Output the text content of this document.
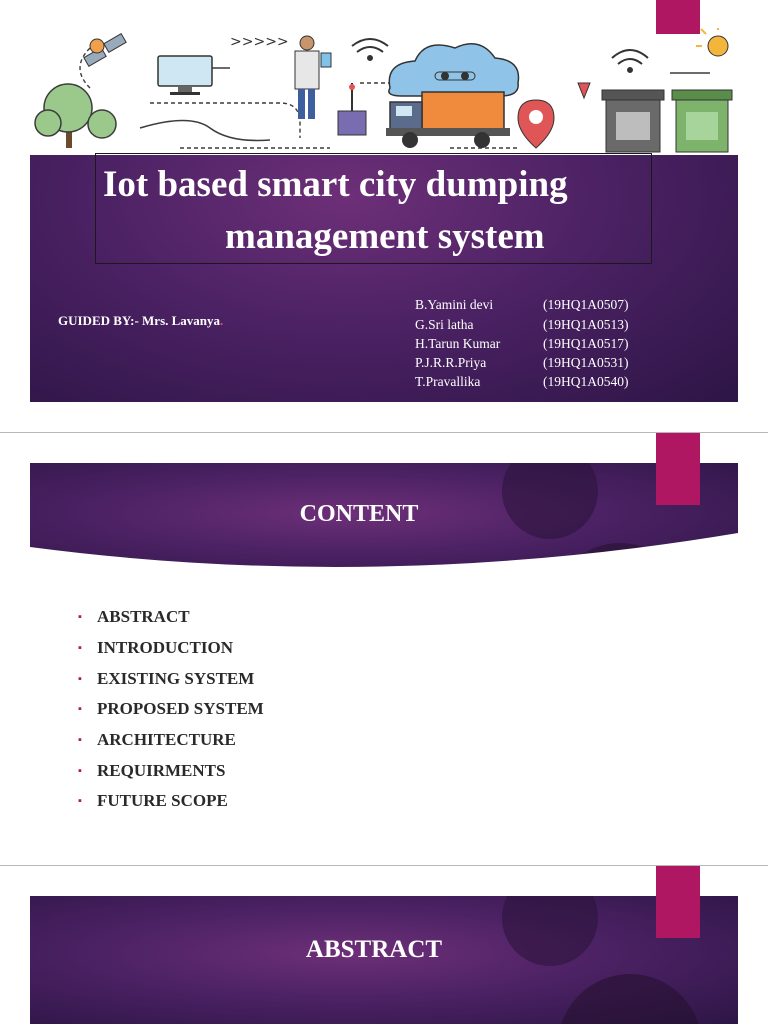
>>>>>
Iot based smart city dumping
management system
GUIDED BY:- Mrs. Lavanya.
B.Yamini devi	(19HQ1A0507)
G.Sri latha	(19HQ1A0513)
H.Tarun Kumar	(19HQ1A0517)
P.J.R.R.Priya	(19HQ1A0531)
T.Pravallika	(19HQ1A0540)
CONTENT
▪ ABSTRACT
▪ INTRODUCTION
▪ EXISTING SYSTEM
▪ PROPOSED SYSTEM
▪ ARCHITECTURE
▪ REQUIRMENTS
▪ FUTURE SCOPE
ABSTRACT
